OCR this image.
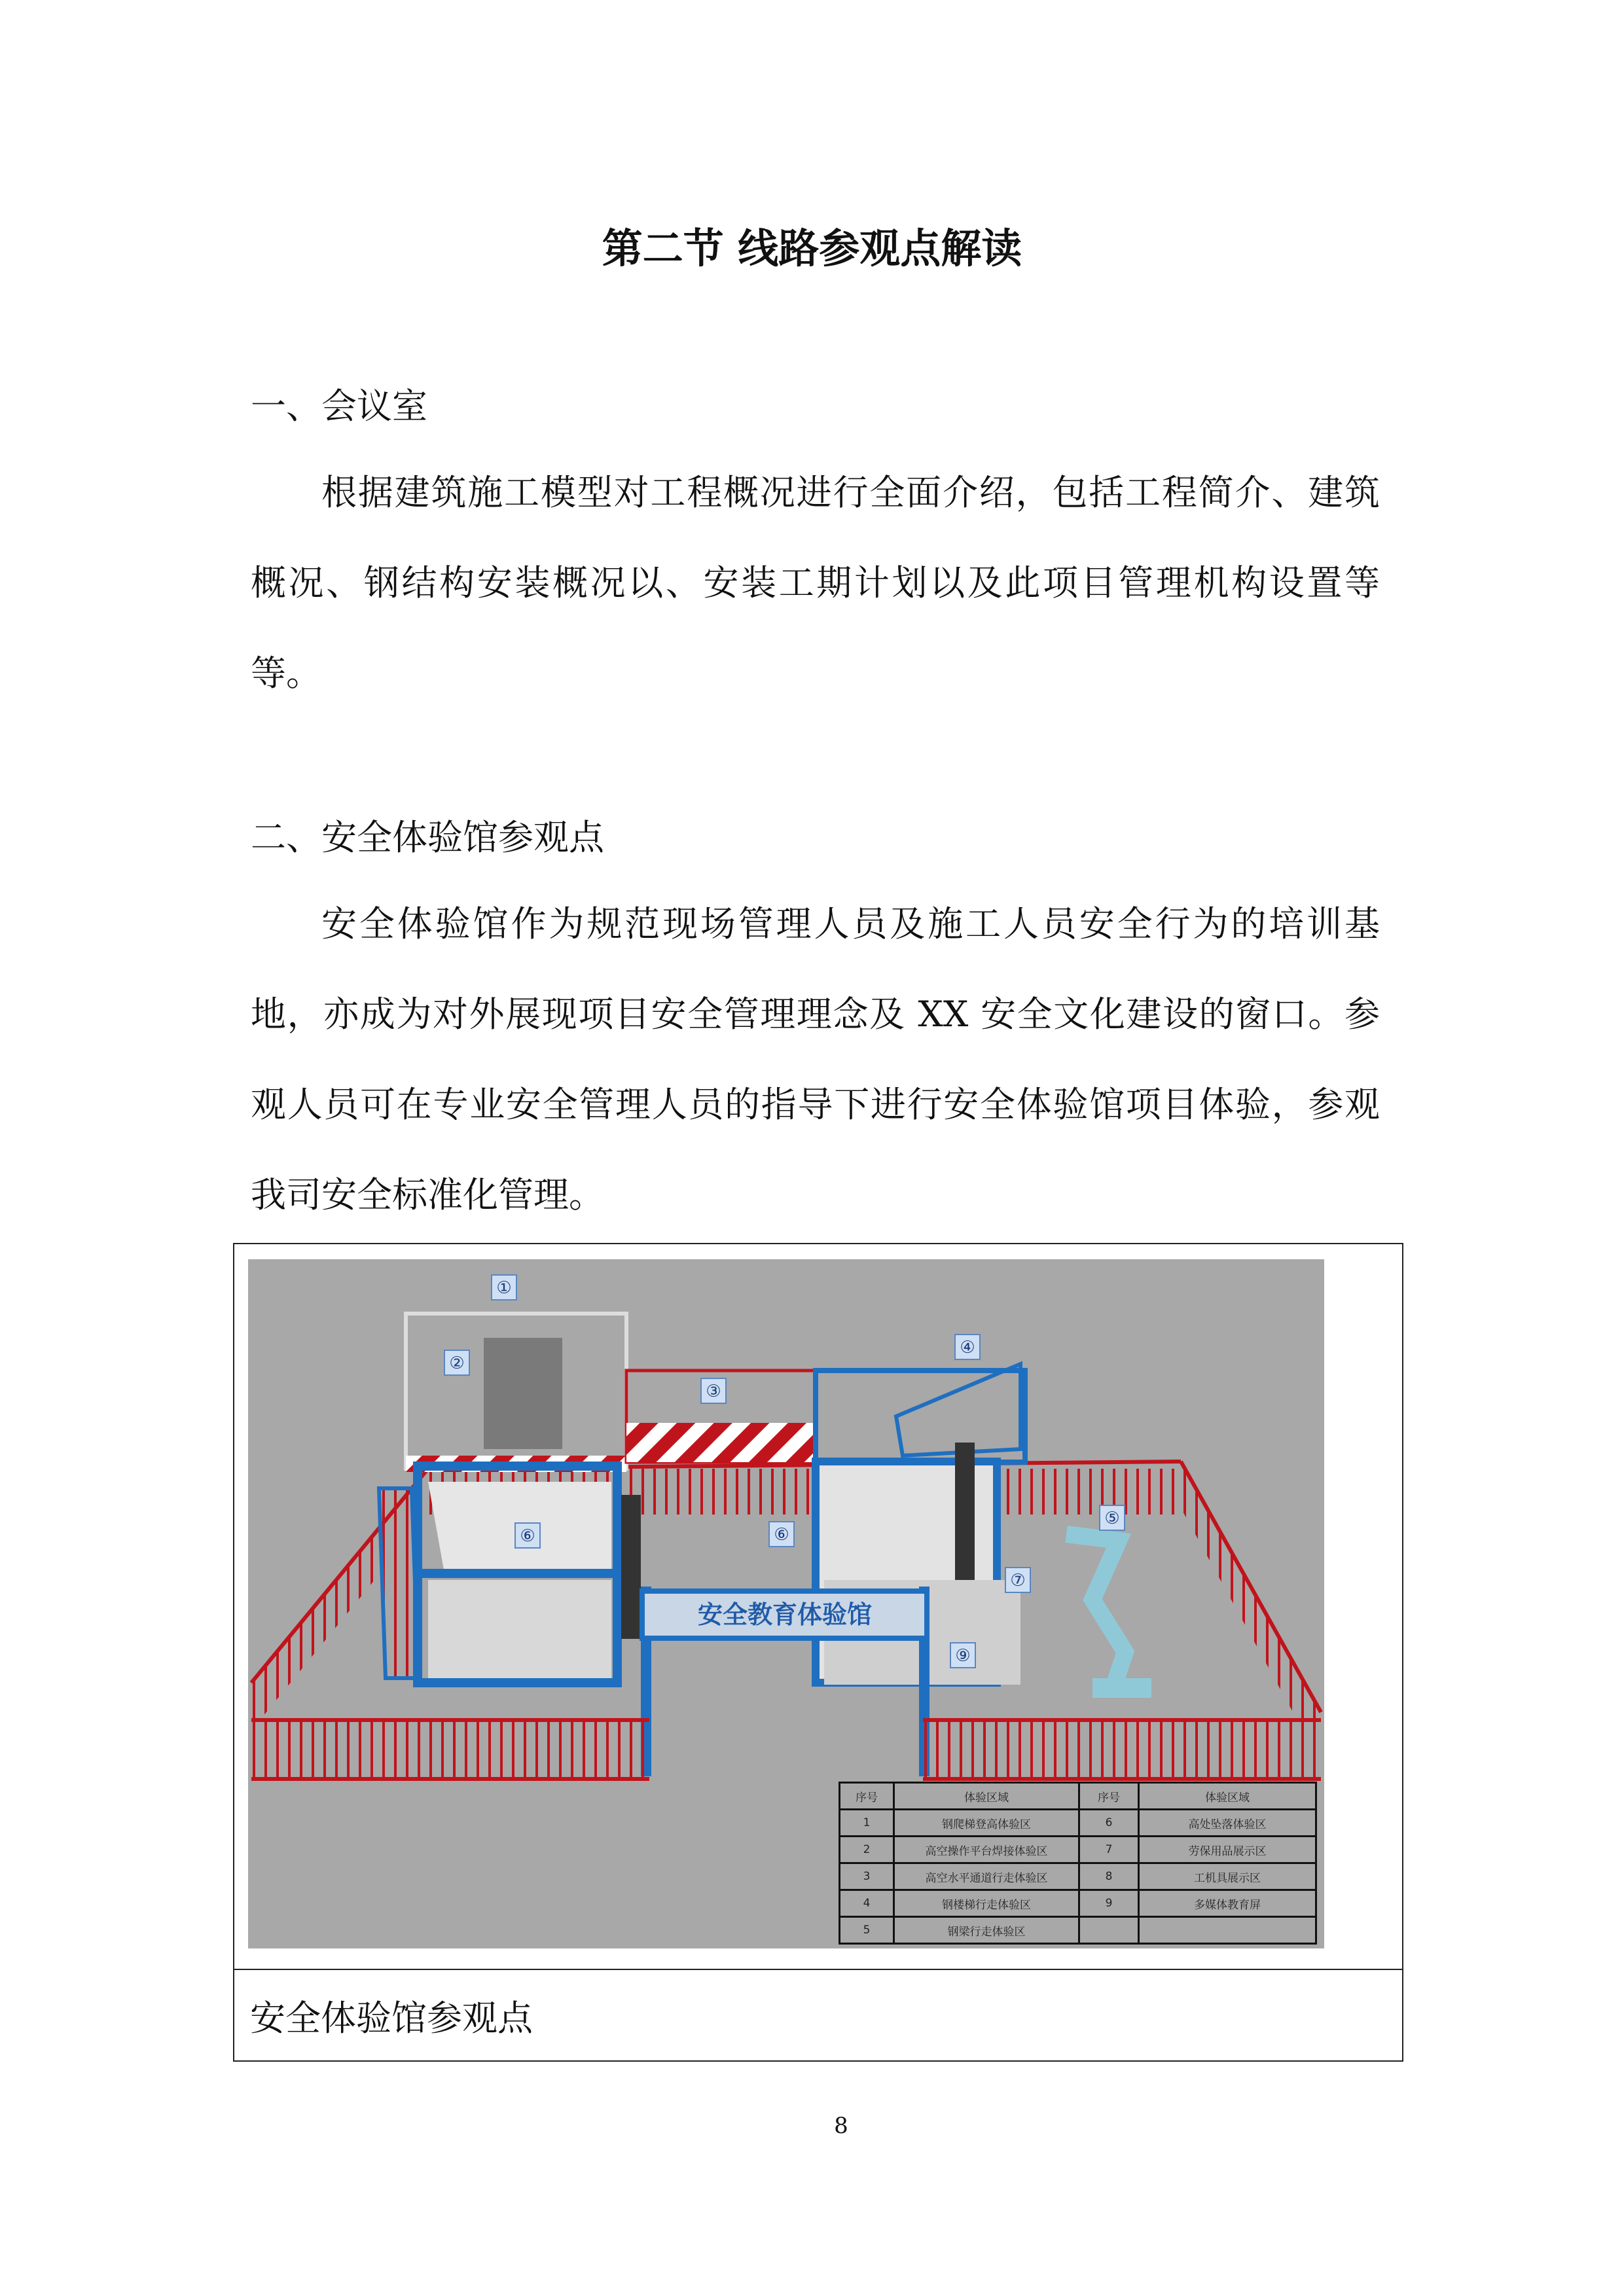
第二节 线路参观点解读
一、会议室

根据建筑施工模型对工程概况进行全面介绍，包括工程简介、建筑概况、钢结构安装概况以、安装工期计划以及此项目管理机构设置等等。

二、安全体验馆参观点

安全体验馆作为规范现场管理人员及施工人员安全行为的培训基地，亦成为对外展现项目安全管理理念及 XX 安全文化建设的窗口。参观人员可在专业安全管理人员的指导下进行安全体验馆项目体验，参观我司安全标准化管理。

安全教育体验馆
①
②
③
④
⑤
⑥	⑥
⑦
⑨
序号	体验区域	序号	体验区域
1	钢爬梯登高体验区	6	高处坠落体验区
2	高空操作平台焊接体验区	7	劳保用品展示区
3	高空水平通道行走体验区	8	工机具展示区
4	钢楼梯行走体验区	9	多媒体教育屏
5	钢梁行走体验区		
安全体验馆参观点
8
